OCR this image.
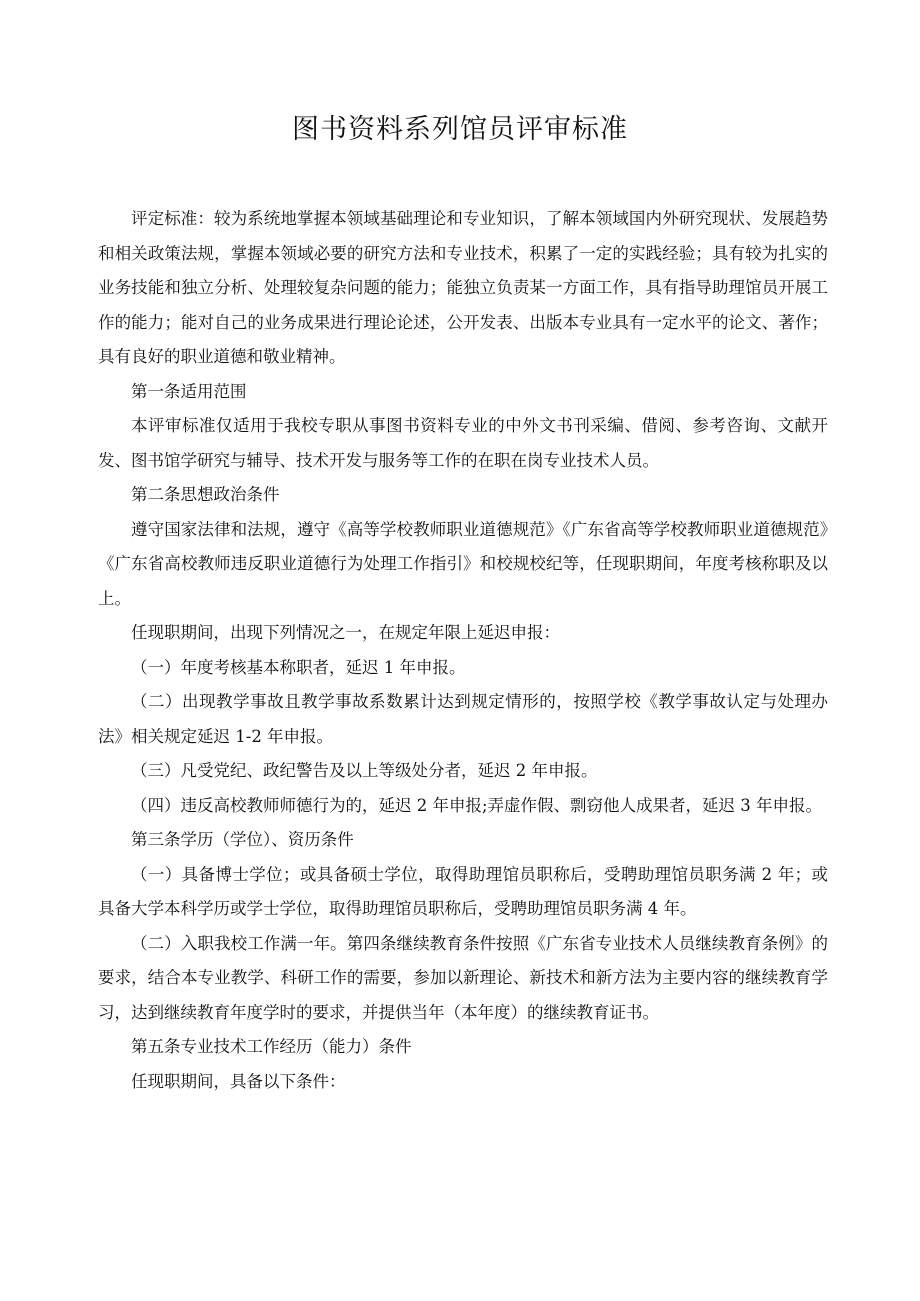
图书资料系列馆员评审标准

评定标准：较为系统地掌握本领域基础理论和专业知识，了解本领域国内外研究现状、发展趋势和相关政策法规，掌握本领域必要的研究方法和专业技术，积累了一定的实践经验；具有较为扎实的业务技能和独立分析、处理较复杂问题的能力；能独立负责某一方面工作，具有指导助理馆员开展工作的能力；能对自己的业务成果进行理论论述，公开发表、出版本专业具有一定水平的论文、著作；具有良好的职业道德和敬业精神。

第一条适用范围

本评审标准仅适用于我校专职从事图书资料专业的中外文书刊采编、借阅、参考咨询、文献开发、图书馆学研究与辅导、技术开发与服务等工作的在职在岗专业技术人员。

第二条思想政治条件

遵守国家法律和法规，遵守《高等学校教师职业道德规范》《广东省高等学校教师职业道德规范》《广东省高校教师违反职业道德行为处理工作指引》和校规校纪等，任现职期间，年度考核称职及以上。

任现职期间，出现下列情况之一，在规定年限上延迟申报：

（一）年度考核基本称职者，延迟 1 年申报。

（二）出现教学事故且教学事故系数累计达到规定情形的，按照学校《教学事故认定与处理办法》相关规定延迟 1-2 年申报。

（三）凡受党纪、政纪警告及以上等级处分者，延迟 2 年申报。

（四）违反高校教师师德行为的，延迟 2 年申报;弄虚作假、剽窃他人成果者，延迟 3 年申报。

第三条学历（学位）、资历条件

（一）具备博士学位；或具备硕士学位，取得助理馆员职称后，受聘助理馆员职务满 2 年；或具备大学本科学历或学士学位，取得助理馆员职称后，受聘助理馆员职务满 4 年。

（二）入职我校工作满一年。第四条继续教育条件按照《广东省专业技术人员继续教育条例》的要求，结合本专业教学、科研工作的需要，参加以新理论、新技术和新方法为主要内容的继续教育学习，达到继续教育年度学时的要求，并提供当年（本年度）的继续教育证书。

第五条专业技术工作经历（能力）条件

任现职期间，具备以下条件：
